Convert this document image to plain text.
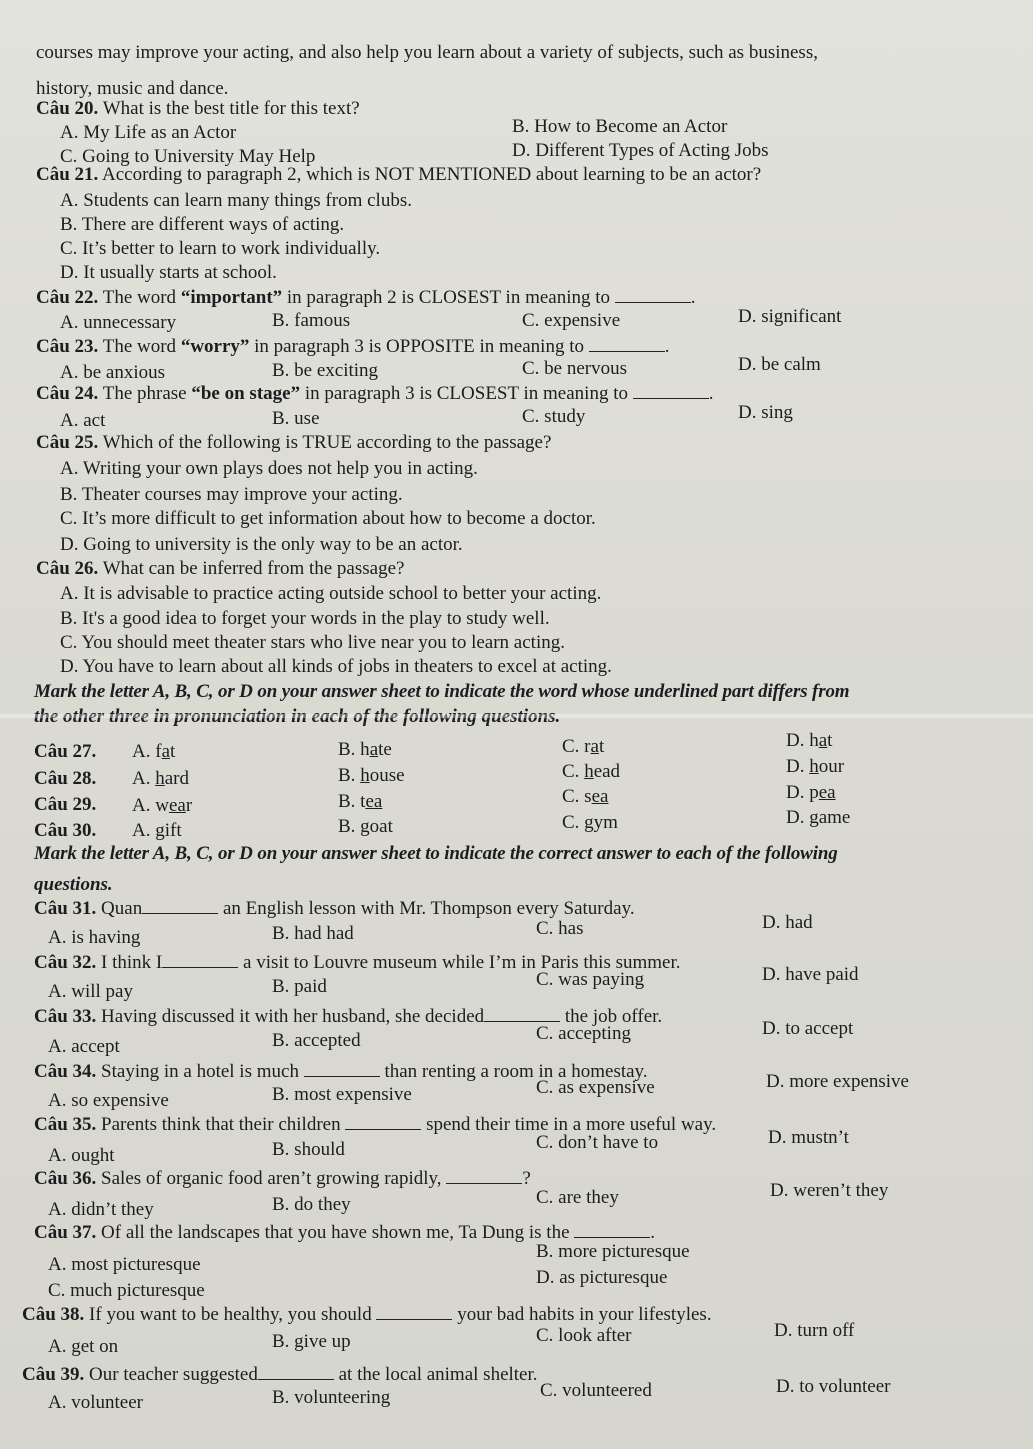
courses may improve your acting, and also help you learn about a variety of subjects, such as business,
history, music and dance.
Câu 20. What is the best title for this text?
A. My Life as an Actor	B. How to Become an Actor
C. Going to University May Help	D. Different Types of Acting Jobs
Câu 21. According to paragraph 2, which is NOT MENTIONED about learning to be an actor?
A. Students can learn many things from clubs.
B. There are different ways of acting.
C. It’s better to learn to work individually.
D. It usually starts at school.
Câu 22. The word “important” in paragraph 2 is CLOSEST in meaning to	.
A. unnecessary	B. famous	C. expensive	D. significant
Câu 23. The word “worry” in paragraph 3 is OPPOSITE in meaning to	.
A. be anxious	B. be exciting	C. be nervous	D. be calm
Câu 24. The phrase “be on stage” in paragraph 3 is CLOSEST in meaning to	.
A. act	B. use	C. study	D. sing
Câu 25. Which of the following is TRUE according to the passage?
A. Writing your own plays does not help you in acting.
B. Theater courses may improve your acting.
C. It’s more difficult to get information about how to become a doctor.
D. Going to university is the only way to be an actor.
Câu 26. What can be inferred from the passage?
A. It is advisable to practice acting outside school to better your acting.
B. It's a good idea to forget your words in the play to study well.
C. You should meet theater stars who live near you to learn acting.
D. You have to learn about all kinds of jobs in theaters to excel at acting.
Mark the letter A, B, C, or D on your answer sheet to indicate the word whose underlined part differs from
the other three in pronunciation in each of the following questions.
Câu 27. A. fat	B. hate	C. rat	D. hat
Câu 28. A. hard	B. house	C. head	D. hour
Câu 29. A. wear	B. tea	C. sea	D. pea
Câu 30. A. gift	B. goat	C. gym	D. game
Mark the letter A, B, C, or D on your answer sheet to indicate the correct answer to each of the following
questions.
Câu 31. Quan	an English lesson with Mr. Thompson every Saturday.
A. is having	B. had had	C. has	D. had
Câu 32. I think I	a visit to Louvre museum while I’m in Paris this summer.
A. will pay	B. paid	C. was paying	D. have paid
Câu 33. Having discussed it with her husband, she decided	the job offer.
A. accept	B. accepted	C. accepting	D. to accept
Câu 34. Staying in a hotel is much	than renting a room in a homestay.
A. so expensive	B. most expensive	C. as expensive	D. more expensive
Câu 35. Parents think that their children	spend their time in a more useful way.
A. ought	B. should	C. don’t have to	D. mustn’t
Câu 36. Sales of organic food aren’t growing rapidly,	?
A. didn’t they	B. do they	C. are they	D. weren’t they
Câu 37. Of all the landscapes that you have shown me, Ta Dung is the	.
A. most picturesque
B. more picturesque
C. much picturesque
D. as picturesque
Câu 38. If you want to be healthy, you should	your bad habits in your lifestyles.
A. get on	B. give up	C. look after	D. turn off
Câu 39. Our teacher suggested	at the local animal shelter.
A. volunteer	B. volunteering	C. volunteered	D. to volunteer
